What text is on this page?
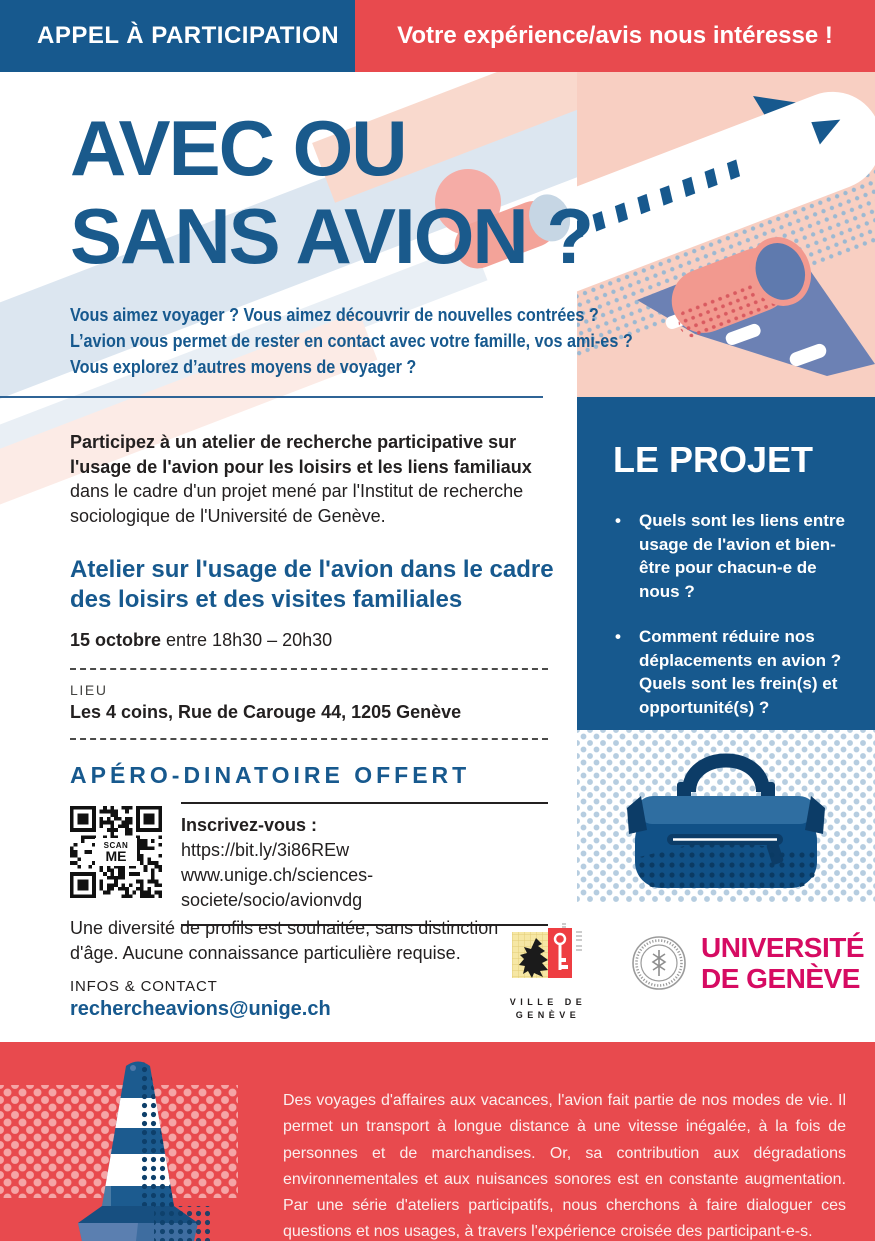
APPEL À PARTICIPATION	Votre expérience/avis nous intéresse !
LE PROJET
• Quels sont les liens entre usage de l'avion et bien-être pour chacun-e de nous ?
• Comment réduire nos déplacements en avion ? Quels sont les frein(s) et opportunité(s) ?
AVEC OU
SANS AVION ?
Vous aimez voyager ? Vous aimez découvrir de nouvelles contrées ?
L’avion vous permet de rester en contact avec votre famille, vos ami-es ?
Vous explorez d’autres moyens de voyager ?
Participez à un atelier de recherche participative sur l'usage de l'avion pour les loisirs et les liens familiaux dans le cadre d'un projet mené par l'Institut de recherche sociologique de l'Université de Genève.
Atelier sur l'usage de l'avion dans le cadre des loisirs et des visites familiales
15 octobre entre 18h30 – 20h30
LIEU
Les 4 coins, Rue de Carouge 44, 1205 Genève
APÉRO-DINATOIRE OFFERT
SCAN
ME
Inscrivez-vous :
https://bit.ly/3i86REw
www.unige.ch/sciences-societe/socio/avionvdg
Une diversité de profils est souhaitée, sans distinction d'âge. Aucune connaissance particulière requise.
INFOS & CONTACT
rechercheavions@unige.ch	VILLE DE
GENÈVE
UNIVERSITÉ
DE GENÈVE
Des voyages d'affaires aux vacances, l'avion fait partie de nos modes de vie. Il permet un transport à longue distance à une vitesse inégalée, à la fois de personnes et de marchandises. Or, sa contribution aux dégradations environnementales et aux nuisances sonores est en constante augmentation. Par une série d'ateliers participatifs, nous cherchons à faire dialoguer ces questions et nos usages, à travers l'expérience croisée des participant-e-s.
